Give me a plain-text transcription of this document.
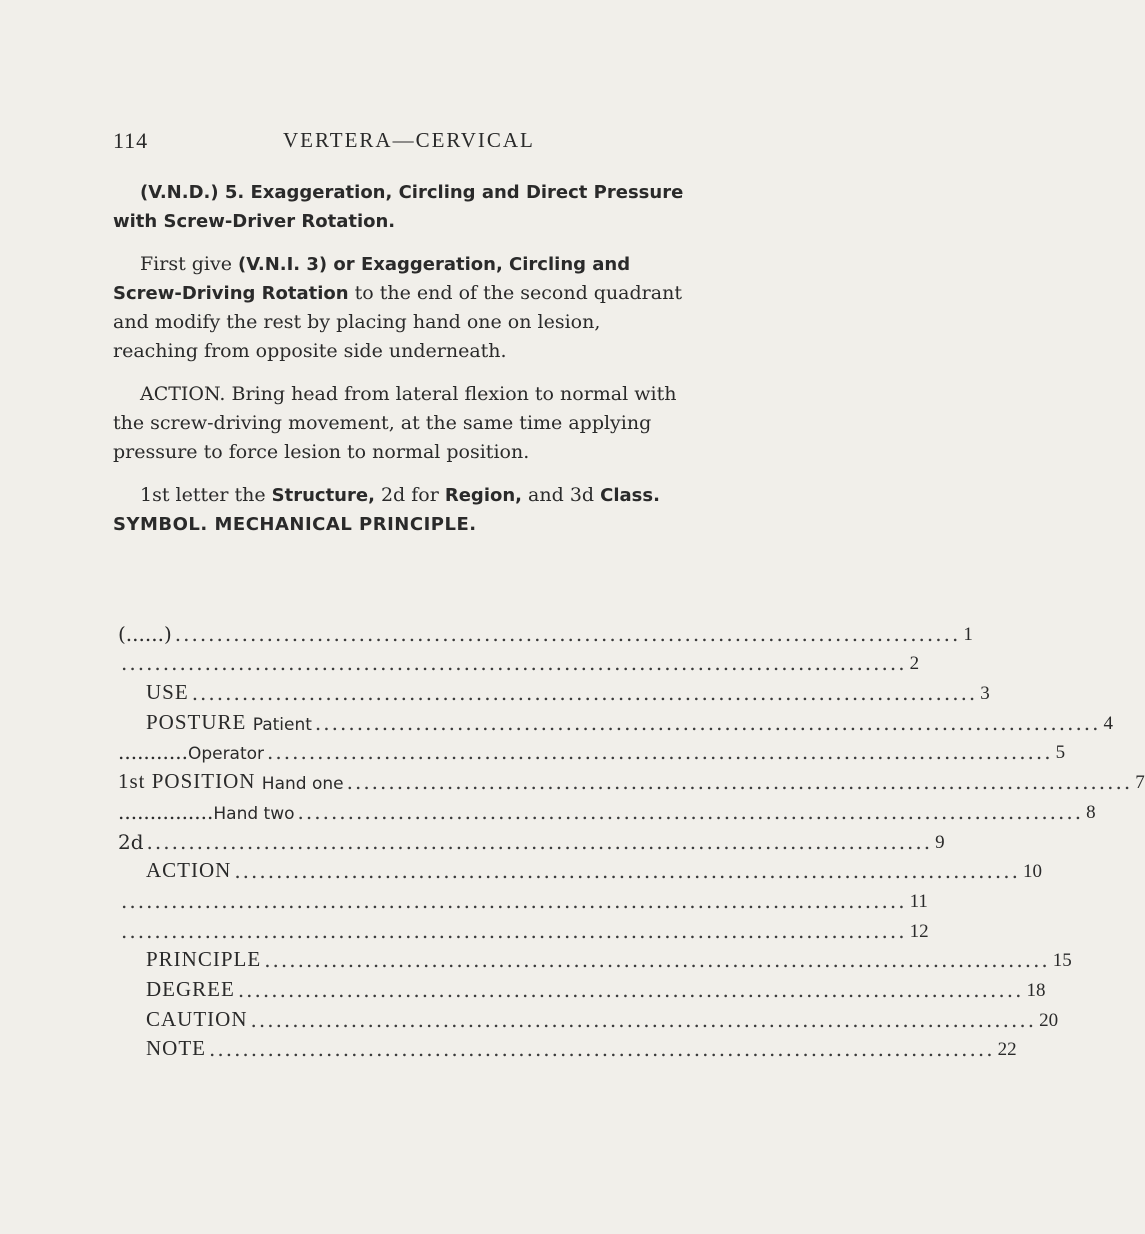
114	VERTERA—CERVICAL

(V.N.D.) 5. Exaggeration, Circling and Direct Pressure with Screw-Driver Rotation.

First give (V.N.I. 3) or Exaggeration, Circling and Screw-Driving Rotation to the end of the second quadrant and modify the rest by placing hand one on lesion, reaching from opposite side underneath.

ACTION. Bring head from lateral flexion to normal with the screw-driving movement, at the same time applying pressure to force lesion to normal position.

1st letter the Structure, 2d for Region, and 3d Class.

SYMBOL. MECHANICAL PRINCIPLE.

(......) .............................................................................................. 1
.............................................................................................. 2
USE .............................................................................................. 3
POSTURE
Patient .............................................................................................. 4
........... Operator .............................................................................................. 5
1st POSITION
Hand one .............................................................................................. 7
............... Hand two .............................................................................................. 8
2d .............................................................................................. 9
ACTION .............................................................................................. 10
.............................................................................................. 11
.............................................................................................. 12
PRINCIPLE .............................................................................................. 15
DEGREE .............................................................................................. 18
CAUTION .............................................................................................. 20
NOTE .............................................................................................. 22
